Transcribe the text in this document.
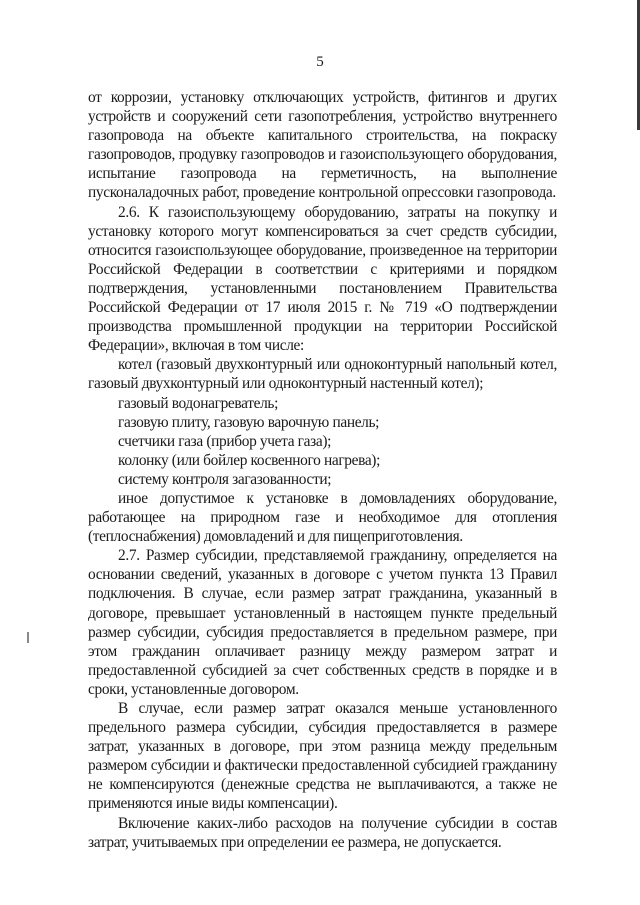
5

от коррозии, установку отключающих устройств, фитингов и других устройств и сооружений сети газопотребления, устройство внутреннего газопровода на объекте капитального строительства, на покраску газопроводов, продувку газопроводов и газоиспользующего оборудования, испытание газопровода на герметичность, на выполнение пусконаладочных работ, проведение контрольной опрессовки газопровода.

2.6. К газоиспользующему оборудованию, затраты на покупку и установку которого могут компенсироваться за счет средств субсидии, относится газоиспользующее оборудование, произведенное на территории Российской Федерации в соответствии с критериями и порядком подтверждения, установленными постановлением Правительства Российской Федерации от 17 июля 2015 г. № 719 «О подтверждении производства промышленной продукции на территории Российской Федерации», включая в том числе:

котел (газовый двухконтурный или одноконтурный напольный котел, газовый двухконтурный или одноконтурный настенный котел);

газовый водонагреватель;

газовую плиту, газовую варочную панель;

счетчики газа (прибор учета газа);

колонку (или бойлер косвенного нагрева);

систему контроля загазованности;

иное допустимое к установке в домовладениях оборудование, работающее на природном газе и необходимое для отопления (теплоснабжения) домовладений и для пищеприготовления.

2.7. Размер субсидии, представляемой гражданину, определяется на основании сведений, указанных в договоре с учетом пункта 13 Правил подключения. В случае, если размер затрат гражданина, указанный в договоре, превышает установленный в настоящем пункте предельный размер субсидии, субсидия предоставляется в предельном размере, при этом гражданин оплачивает разницу между размером затрат и предоставленной субсидией за счет собственных средств в порядке и в сроки, установленные договором.

В случае, если размер затрат оказался меньше установленного предельного размера субсидии, субсидия предоставляется в размере затрат, указанных в договоре, при этом разница между предельным размером субсидии и фактически предоставленной субсидией гражданину не компенсируются (денежные средства не выплачиваются, а также не применяются иные виды компенсации).

Включение каких-либо расходов на получение субсидии в состав затрат, учитываемых при определении ее размера, не допускается.
